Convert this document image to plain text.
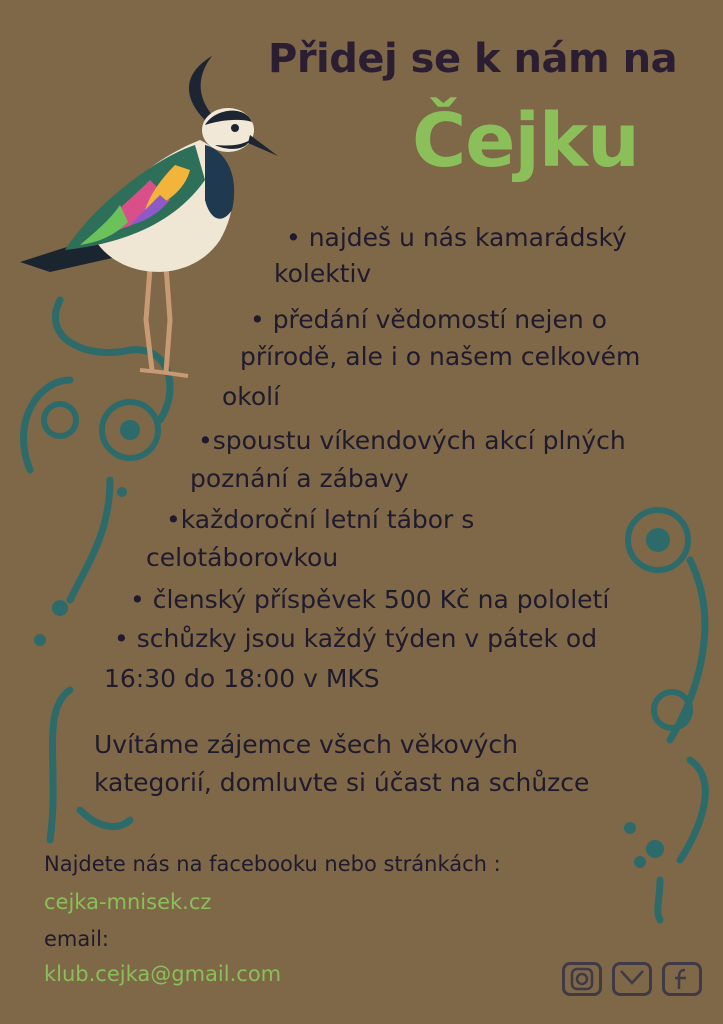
Přidej se k nám na
Čejku
• najdeš u nás kamarádský
kolektiv
• předání vědomostí nejen o
přírodě, ale i o našem celkovém
okolí
•spoustu víkendových akcí plných
poznání a zábavy
•každoroční letní tábor s
celotáborovkou
• členský příspěvek 500 Kč na pololetí
• schůzky jsou každý týden v pátek od
16:30 do 18:00 v MKS
Uvítáme zájemce všech věkových
kategorií, domluvte si účast na schůzce
Najdete nás na facebooku nebo stránkách :
cejka-mnisek.cz
email:
klub.cejka@gmail.com
